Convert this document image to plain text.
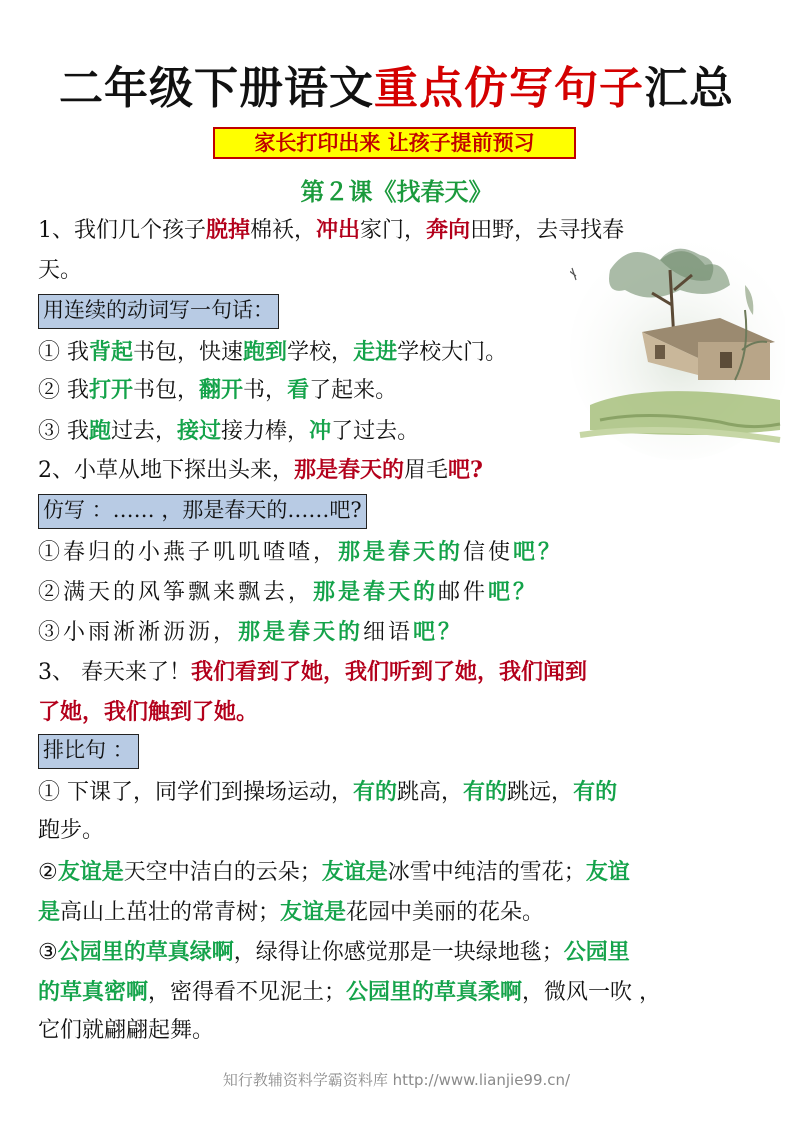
二年级下册语文重点仿写句子汇总
家长打印出来 让孩子提前预习
第２课《找春天》
1、我们几个孩子脱掉棉袄，冲出家门，奔向田野，去寻找春
天。
用连续的动词写一句话：
① 我背起书包，快速跑到学校，走进学校大门。
② 我打开书包，翻开书，看了起来。
③ 我跑过去，接过接力棒，冲了过去。
2、小草从地下探出头来，那是春天的眉毛吧?
仿写 ：…… ，那是春天的……吧?
①春归的小燕子叽叽喳喳，那是春天的信使吧？
②满天的风筝飘来飘去，那是春天的邮件吧？
③小雨淅淅沥沥，那是春天的细语吧？
3、 春天来了！我们看到了她，我们听到了她，我们闻到
了她，我们触到了她。
排比句 ：
① 下课了，同学们到操场运动，有的跳高，有的跳远，有的
跑步。
②友谊是天空中洁白的云朵；友谊是冰雪中纯洁的雪花；友谊
是高山上茁壮的常青树；友谊是花园中美丽的花朵。
③公园里的草真绿啊，绿得让你感觉那是一块绿地毯；公园里
的草真密啊，密得看不见泥土；公园里的草真柔啊，微风一吹 ，
它们就翩翩起舞。
知行教辅资料学霸资料库 http://www.lianjie99.cn/
